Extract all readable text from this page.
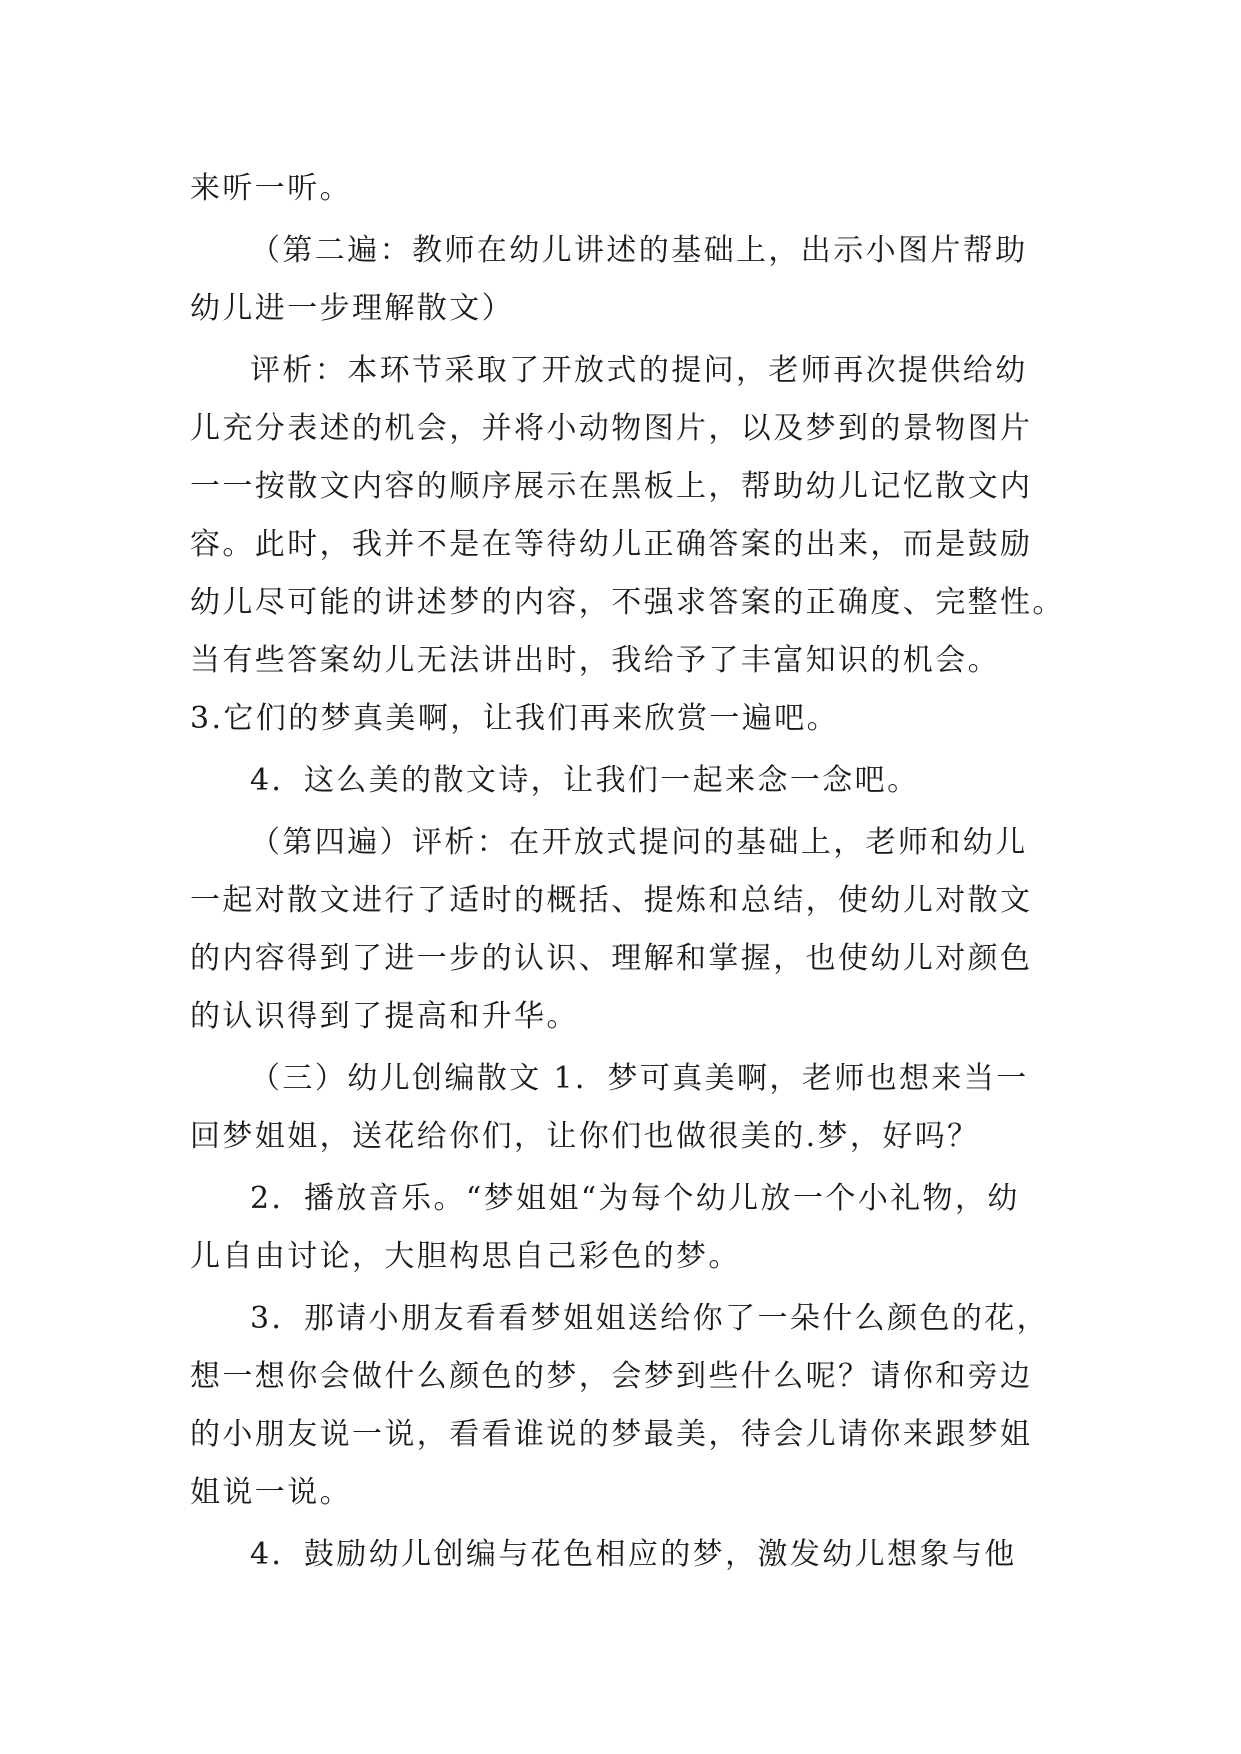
来听一听。
（第二遍：教师在幼儿讲述的基础上，出示小图片帮助
幼儿进一步理解散文）
评析：本环节采取了开放式的提问，老师再次提供给幼
儿充分表述的机会，并将小动物图片，以及梦到的景物图片
一一按散文内容的顺序展示在黑板上，帮助幼儿记忆散文内
容。此时，我并不是在等待幼儿正确答案的出来，而是鼓励
幼儿尽可能的讲述梦的内容，不强求答案的正确度、完整性。
当有些答案幼儿无法讲出时，我给予了丰富知识的机会。
3.它们的梦真美啊，让我们再来欣赏一遍吧。
4．这么美的散文诗，让我们一起来念一念吧。
（第四遍）评析：在开放式提问的基础上，老师和幼儿
一起对散文进行了适时的概括、提炼和总结，使幼儿对散文
的内容得到了进一步的认识、理解和掌握，也使幼儿对颜色
的认识得到了提高和升华。
（三）幼儿创编散文 1．梦可真美啊，老师也想来当一
回梦姐姐，送花给你们，让你们也做很美的.梦，好吗？
2．播放音乐。“梦姐姐“为每个幼儿放一个小礼物，幼
儿自由讨论，大胆构思自己彩色的梦。
3．那请小朋友看看梦姐姐送给你了一朵什么颜色的花，
想一想你会做什么颜色的梦，会梦到些什么呢？请你和旁边
的小朋友说一说，看看谁说的梦最美，待会儿请你来跟梦姐
姐说一说。
4．鼓励幼儿创编与花色相应的梦，激发幼儿想象与他
